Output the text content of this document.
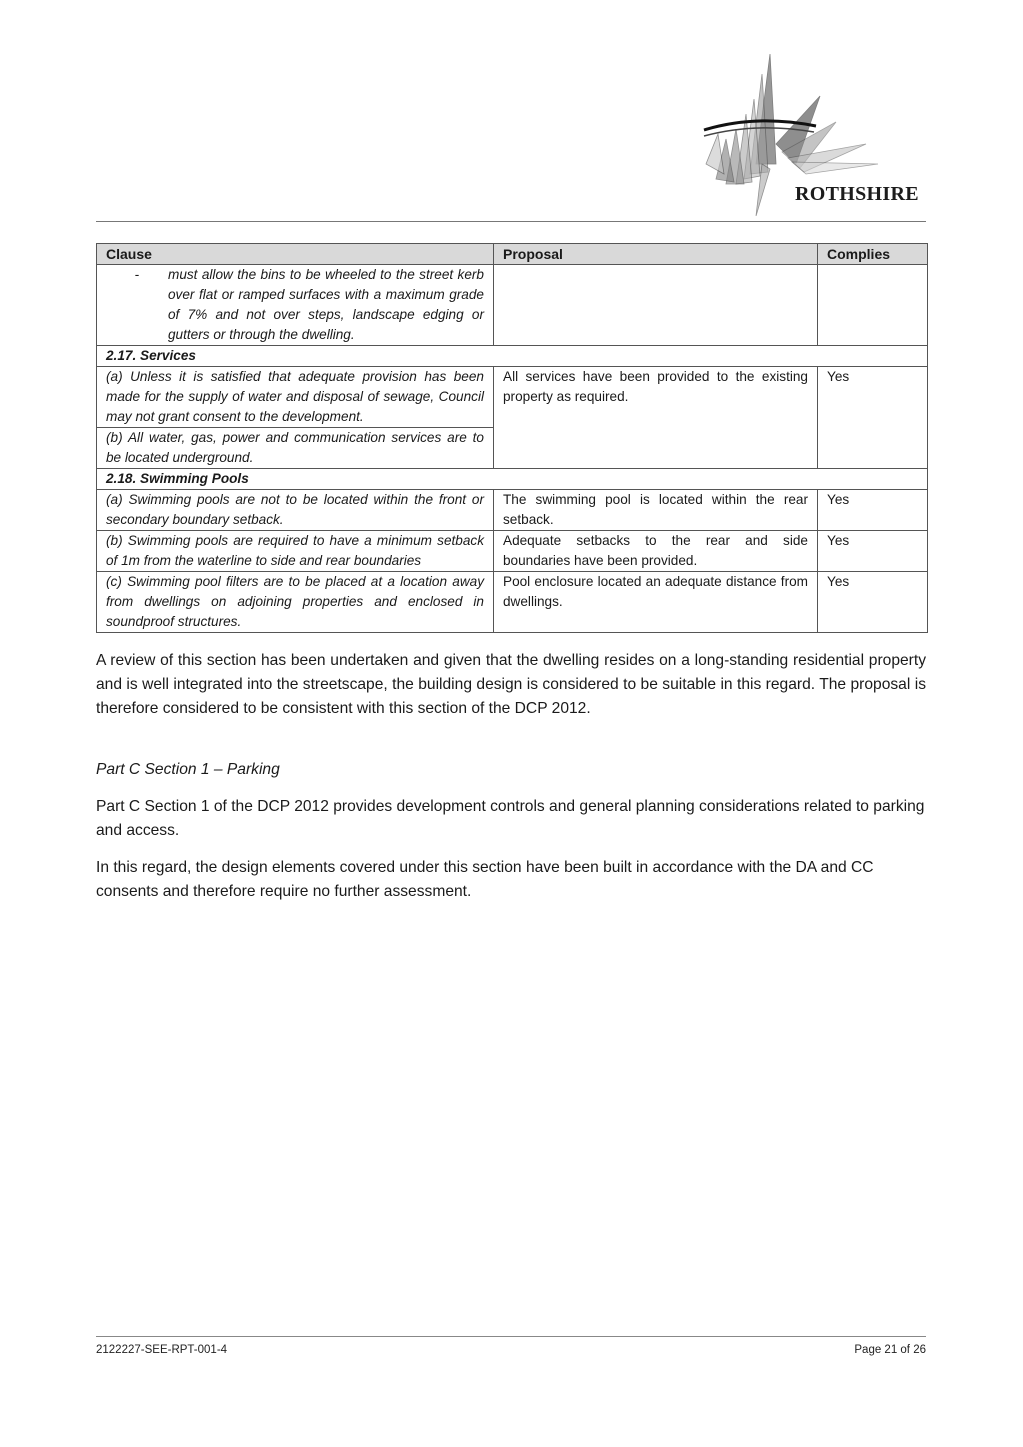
ROTHSHIRE
Clause	Proposal	Complies

- must allow the bins to be wheeled to the street kerb over flat or ramped surfaces with a maximum grade of 7% and not over steps, landscape edging or gutters or through the dwelling.		

2.17. Services		
(a) Unless it is satisfied that adequate provision has been made for the supply of water and disposal of sewage, Council may not grant consent to the development.	All services have been provided to the existing property as required.	Yes
(b) All water, gas, power and communication services are to be located underground.		
2.18. Swimming Pools		
(a) Swimming pools are not to be located within the front or secondary boundary setback.	The swimming pool is located within the rear setback.	Yes
(b) Swimming pools are required to have a minimum setback of 1m from the waterline to side and rear boundaries	Adequate setbacks to the rear and side boundaries have been provided.	Yes
(c) Swimming pool filters are to be placed at a location away from dwellings on adjoining properties and enclosed in soundproof structures.	Pool enclosure located an adequate distance from dwellings.	Yes

A review of this section has been undertaken and given that the dwelling resides on a long-standing residential property and is well integrated into the streetscape, the building design is considered to be suitable in this regard. The proposal is therefore considered to be consistent with this section of the DCP 2012.

Part C Section 1 – Parking

Part C Section 1 of the DCP 2012 provides development controls and general planning considerations related to parking and access.

In this regard, the design elements covered under this section have been built in accordance with the DA and CC consents and therefore require no further assessment.

2122227-SEE-RPT-001-4	Page 21 of 26
